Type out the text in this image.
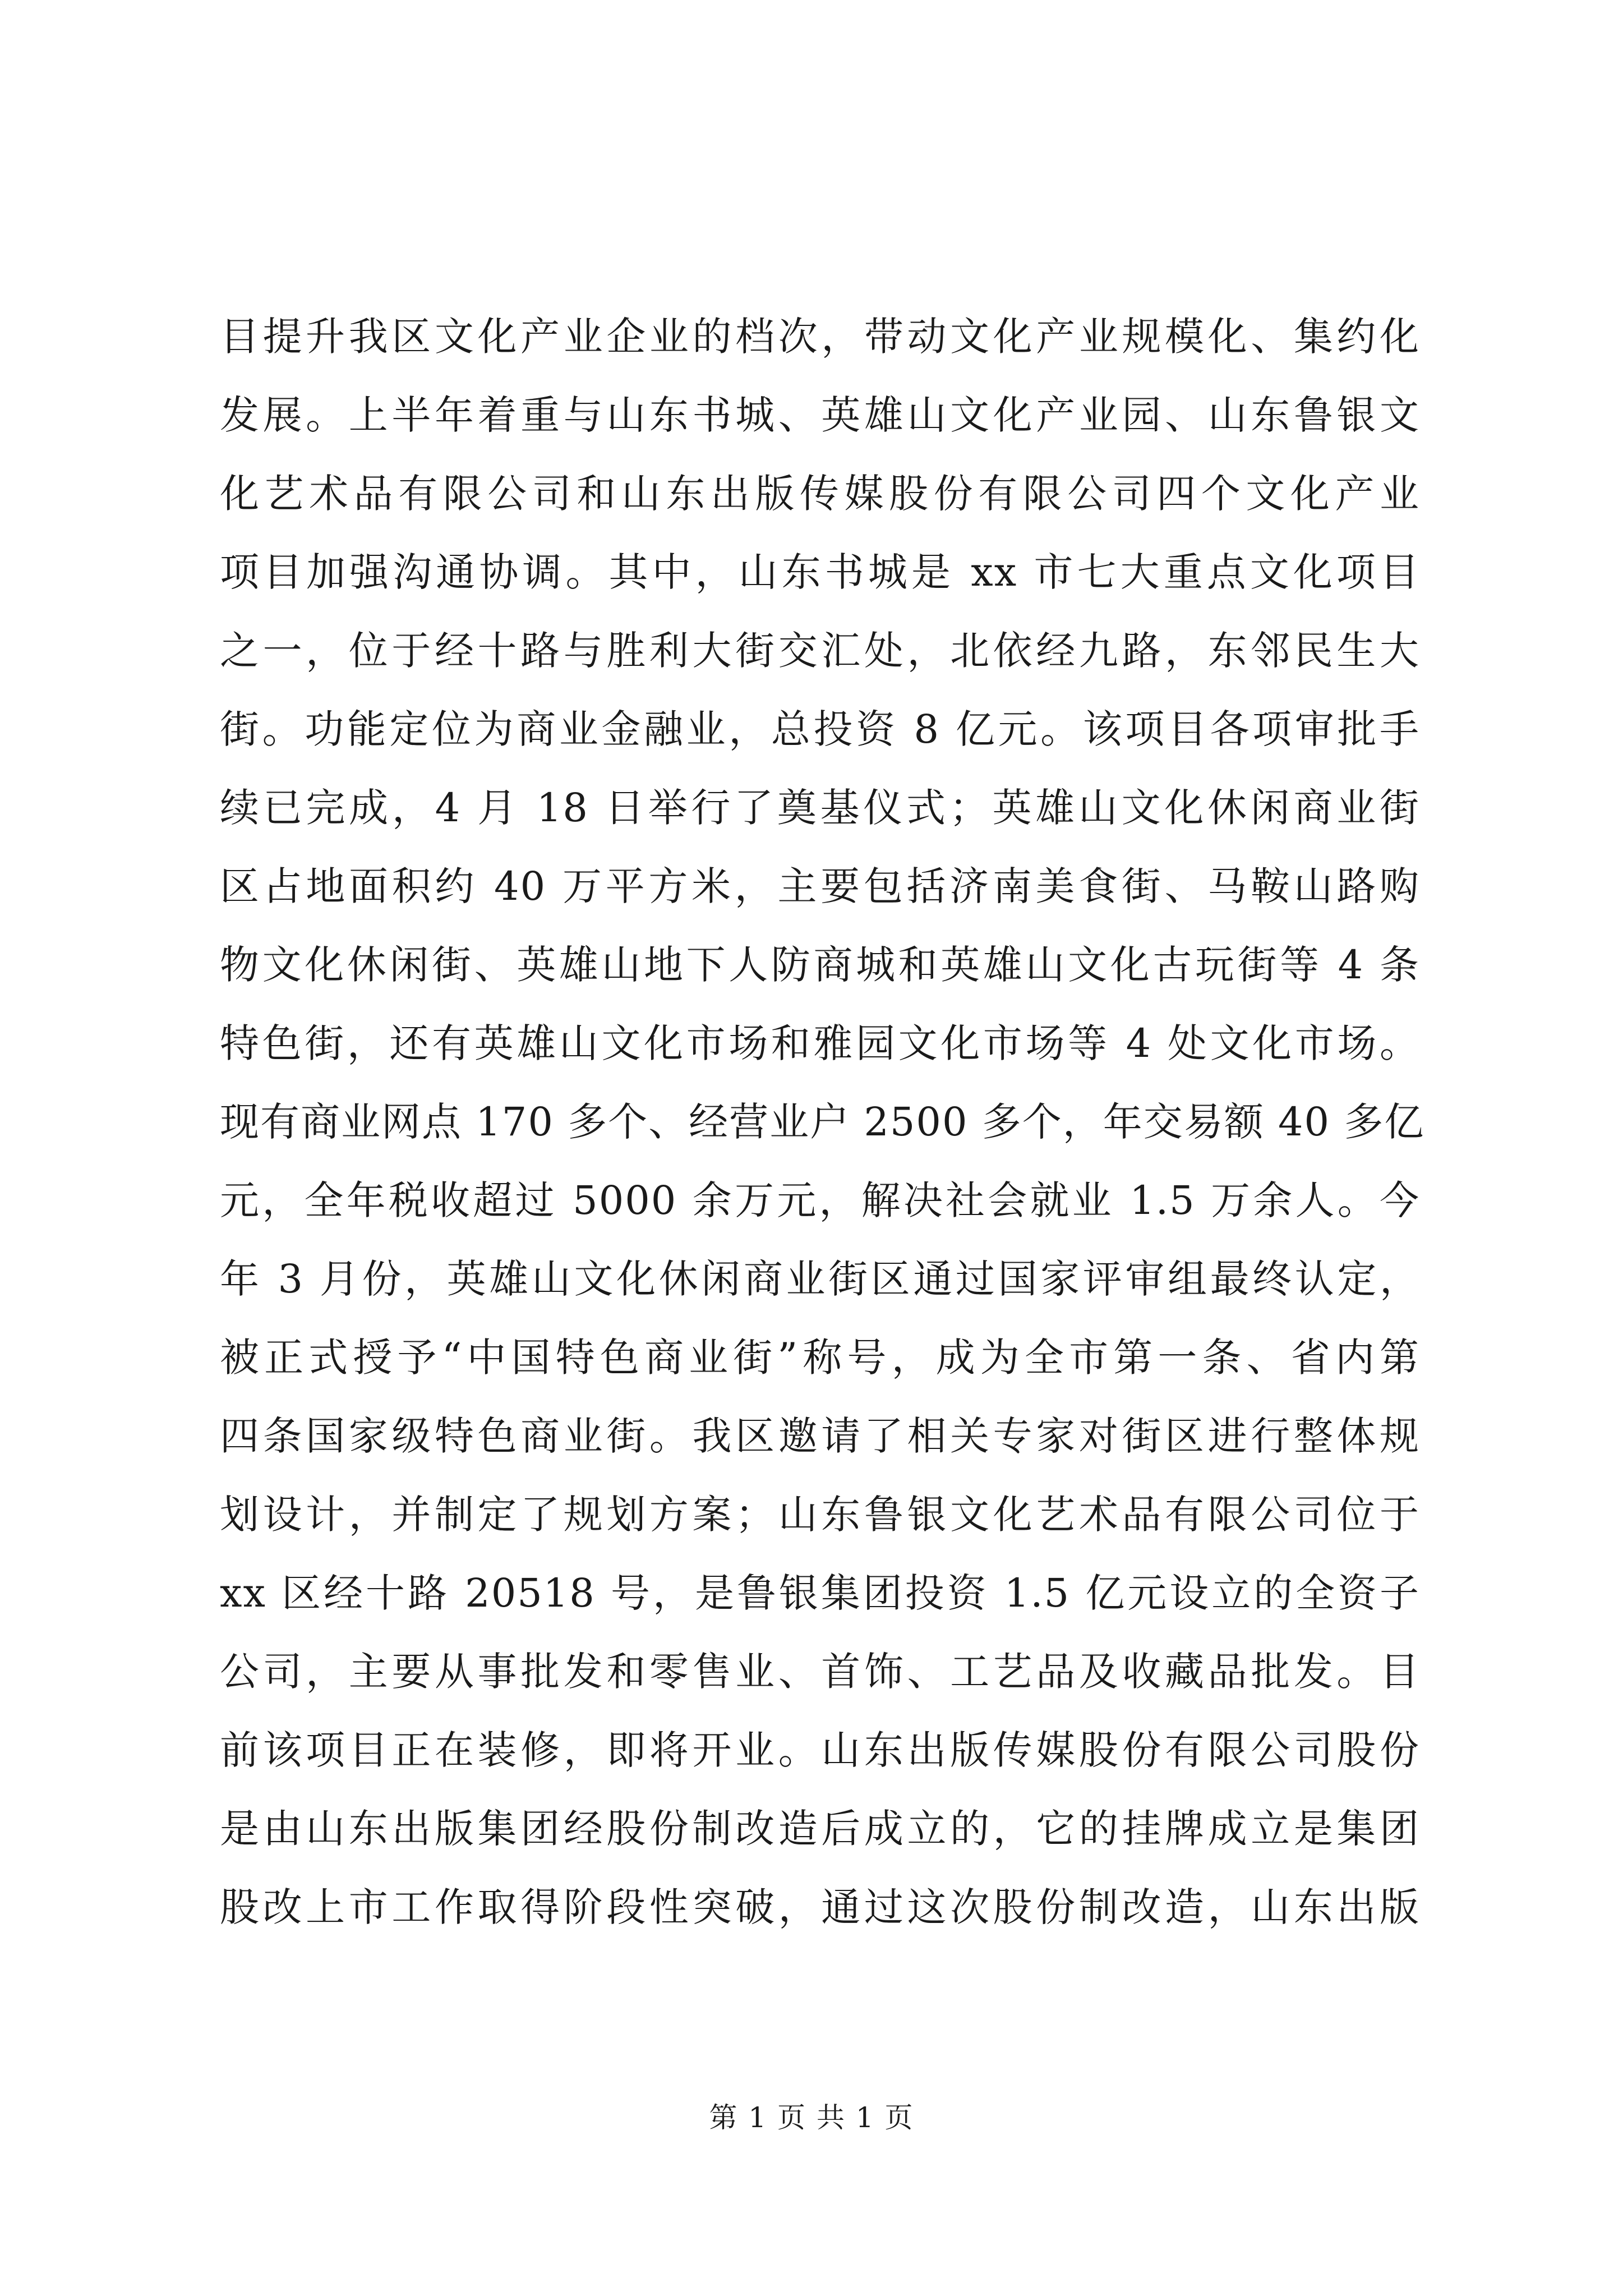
目提升我区文化产业企业的档次，带动文化产业规模化、集约化
发展。上半年着重与山东书城、英雄山文化产业园、山东鲁银文
化艺术品有限公司和山东出版传媒股份有限公司四个文化产业
项目加强沟通协调。其中，山东书城是 xx 市七大重点文化项目
之一，位于经十路与胜利大街交汇处，北依经九路，东邻民生大
街。功能定位为商业金融业，总投资 8 亿元。该项目各项审批手
续已完成，4 月 18 日举行了奠基仪式；英雄山文化休闲商业街
区占地面积约 40 万平方米，主要包括济南美食街、马鞍山路购
物文化休闲街、英雄山地下人防商城和英雄山文化古玩街等 4 条
特色街，还有英雄山文化市场和雅园文化市场等 4 处文化市场。
现有商业网点 170 多个、经营业户 2500 多个，年交易额 40 多亿
元，全年税收超过 5000 余万元，解决社会就业 1.5 万余人。今
年 3 月份，英雄山文化休闲商业街区通过国家评审组最终认定，
被正式授予“中国特色商业街”称号，成为全市第一条、省内第
四条国家级特色商业街。我区邀请了相关专家对街区进行整体规
划设计，并制定了规划方案；山东鲁银文化艺术品有限公司位于
xx 区经十路 20518 号，是鲁银集团投资 1.5 亿元设立的全资子
公司，主要从事批发和零售业、首饰、工艺品及收藏品批发。目
前该项目正在装修，即将开业。山东出版传媒股份有限公司股份
是由山东出版集团经股份制改造后成立的，它的挂牌成立是集团
股改上市工作取得阶段性突破，通过这次股份制改造，山东出版
第 1 页 共 1 页
